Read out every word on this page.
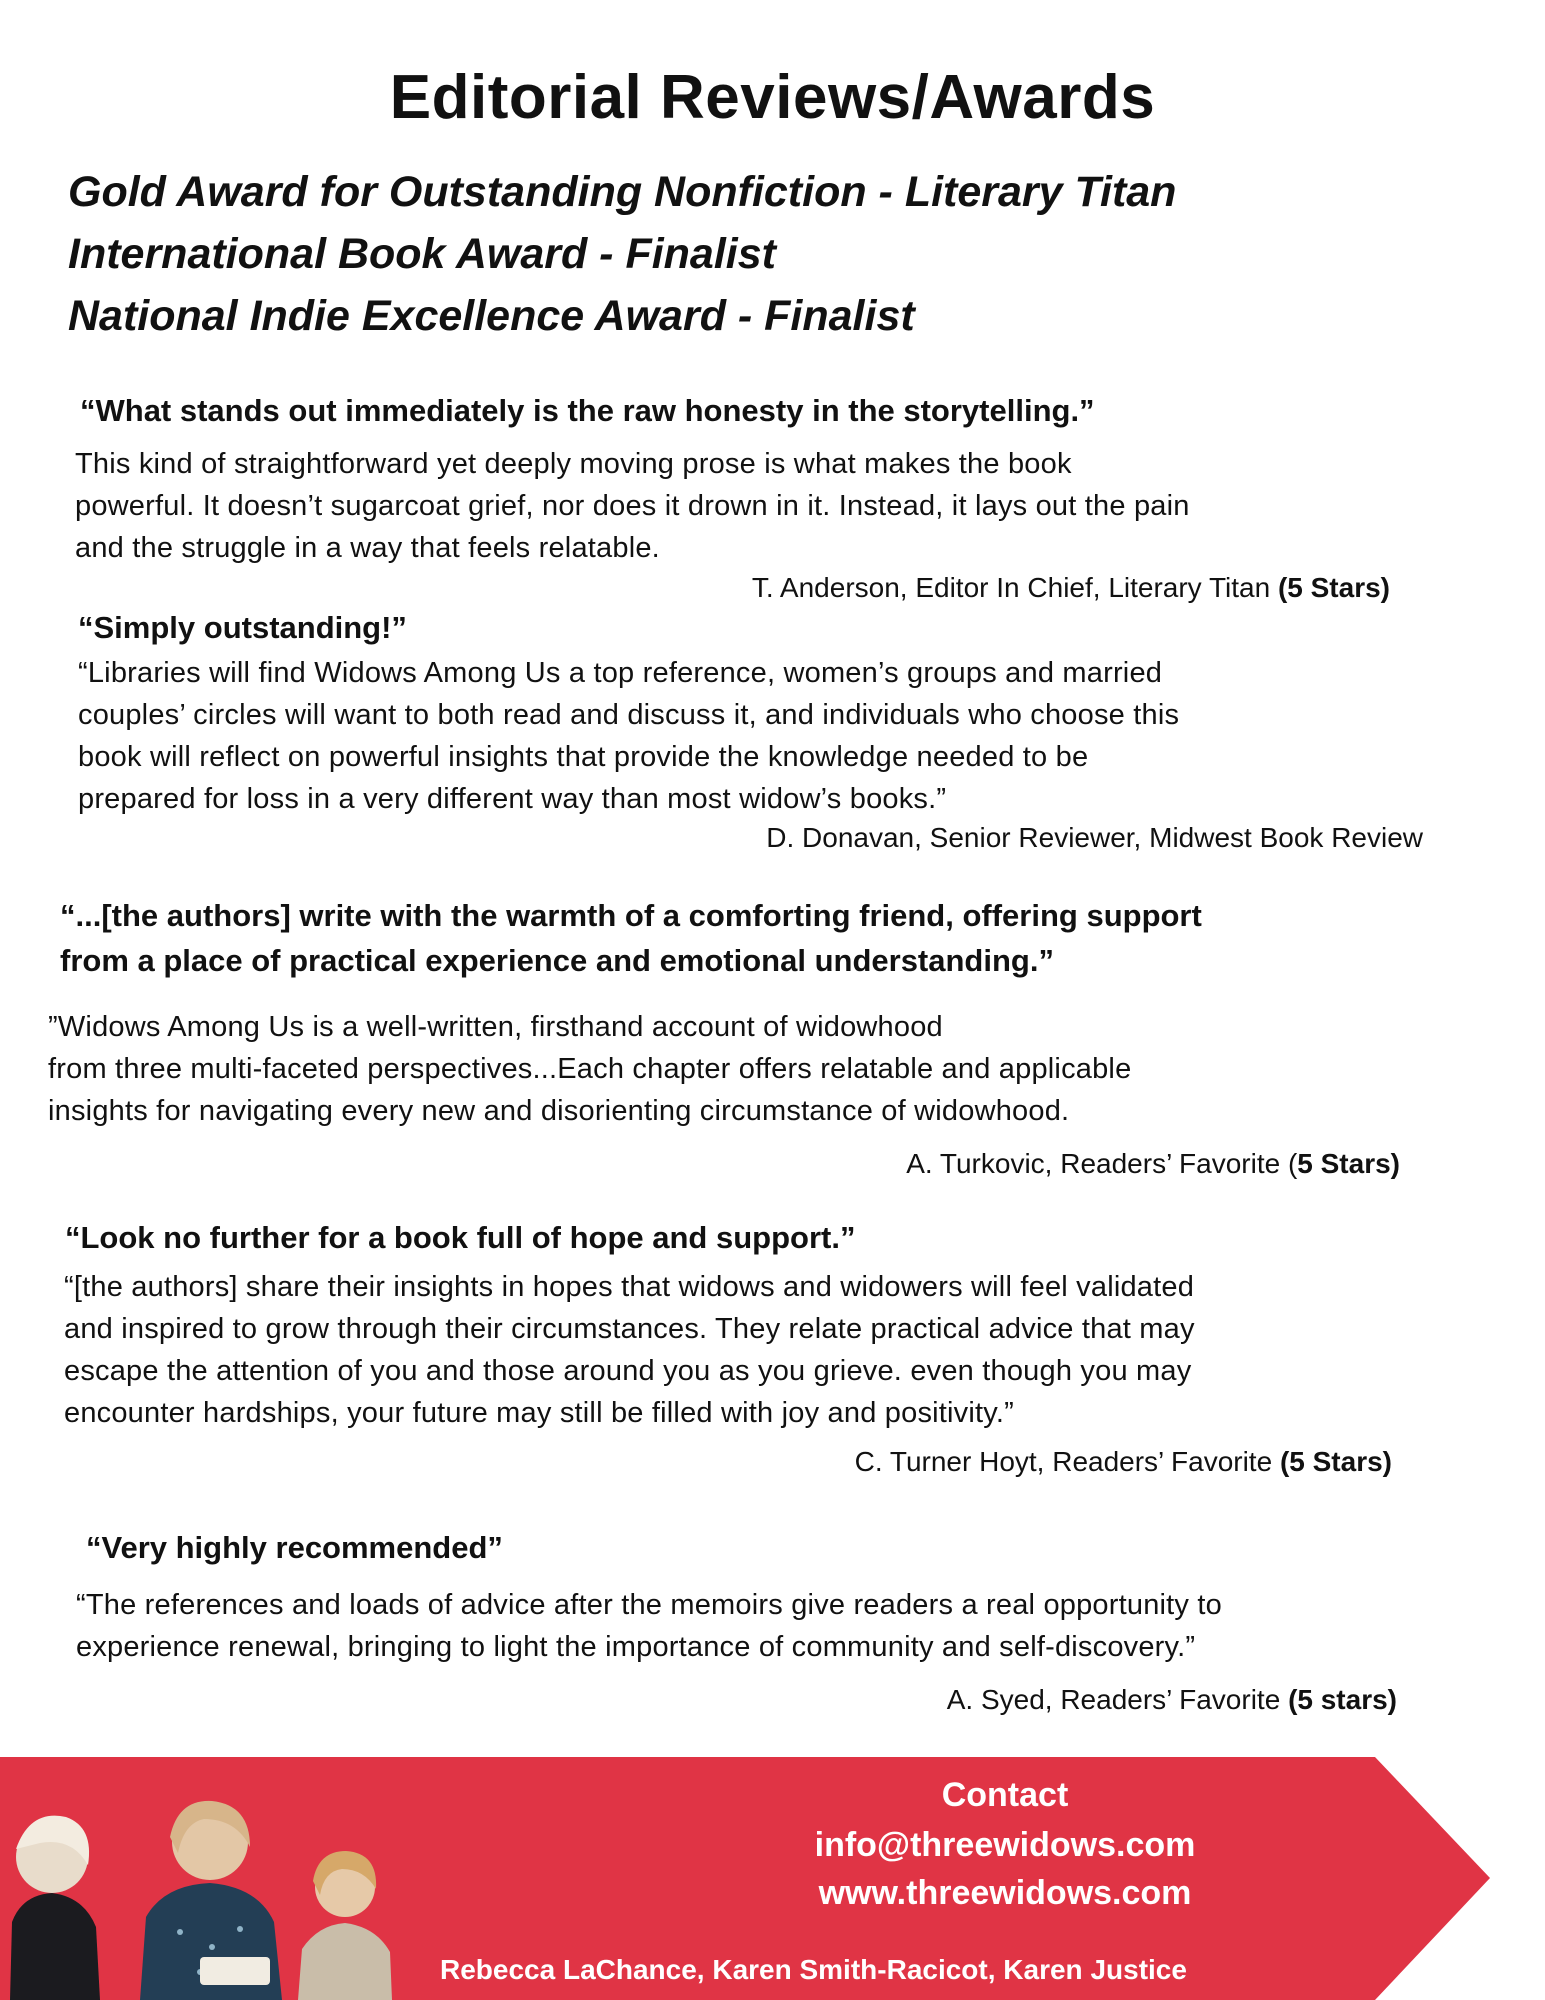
Editorial Reviews/Awards
Gold Award for Outstanding Nonfiction - Literary Titan
International Book Award - Finalist
National Indie Excellence Award - Finalist
“What stands out immediately is the raw honesty in the storytelling.”
This kind of straightforward yet deeply moving prose is what makes the book
powerful. It doesn’t sugarcoat grief, nor does it drown in it. Instead, it lays out the pain
and the struggle in a way that feels relatable.
T. Anderson, Editor In Chief, Literary Titan (5 Stars)
“Simply outstanding!”
“Libraries will find Widows Among Us a top reference, women’s groups and married
couples’ circles will want to both read and discuss it, and individuals who choose this
book will reflect on powerful insights that provide the knowledge needed to be
prepared for loss in a very different way than most widow’s books.”
D. Donavan, Senior Reviewer, Midwest Book Review
“...[the authors] write with the warmth of a comforting friend, offering support
from a place of practical experience and emotional understanding.”
”Widows Among Us is a well-written, firsthand account of widowhood
from three multi-faceted perspectives...Each chapter offers relatable and applicable
insights for navigating every new and disorienting circumstance of widowhood.
A. Turkovic, Readers’ Favorite (5 Stars)
“Look no further for a book full of hope and support.”
“[the authors] share their insights in hopes that widows and widowers will feel validated
and inspired to grow through their circumstances. They relate practical advice that may
escape the attention of you and those around you as you grieve. even though you may
encounter hardships, your future may still be filled with joy and positivity.”
C. Turner Hoyt, Readers’ Favorite (5 Stars)
“Very highly recommended”
“The references and loads of advice after the memoirs give readers a real opportunity to
experience renewal, bringing to light the importance of community and self-discovery.”
A. Syed, Readers’ Favorite (5 stars)
Contact
info@threewidows.com
www.threewidows.com
Rebecca LaChance, Karen Smith-Racicot, Karen Justice
